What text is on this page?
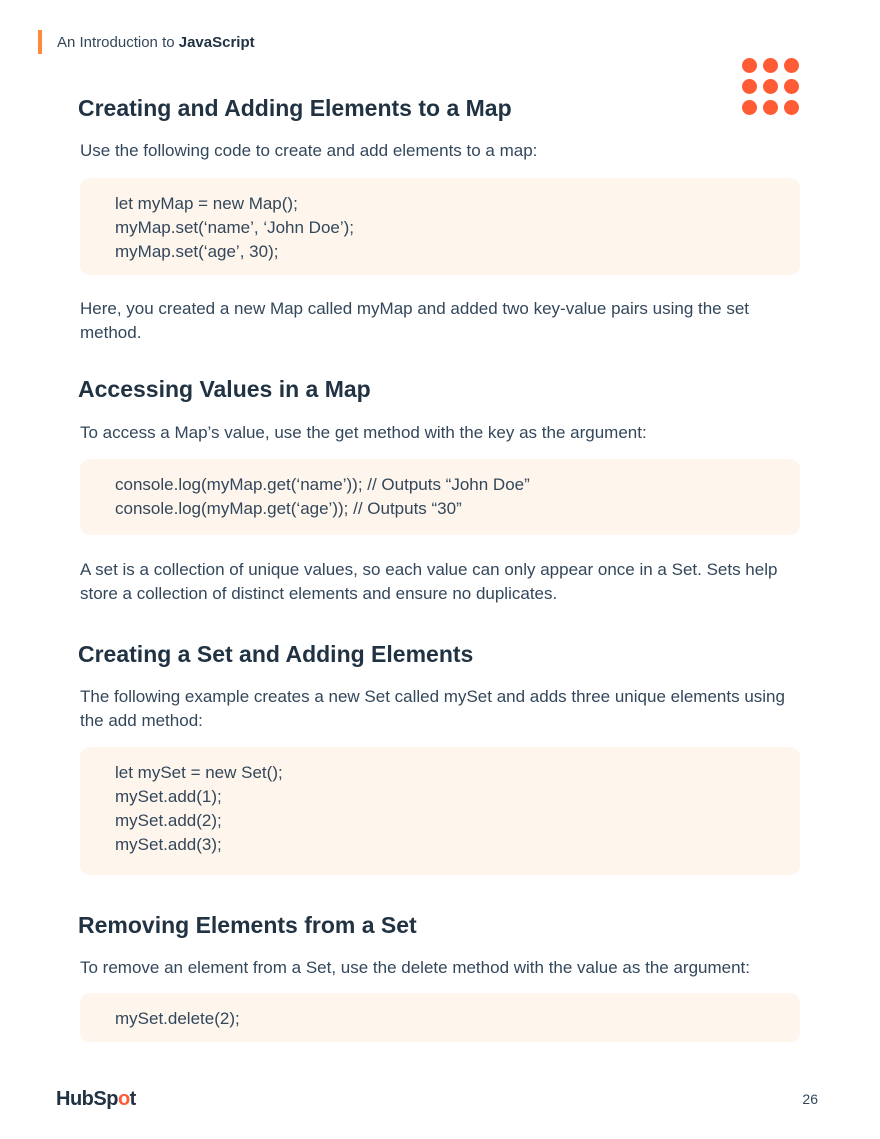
An Introduction to JavaScript
Creating and Adding Elements to a Map

Use the following code to create and add elements to a map:

let myMap = new Map();
myMap.set(‘name’, ‘John Doe’);
myMap.set(‘age’, 30);

Here, you created a new Map called myMap and added two key-value pairs using the set method.

Accessing Values in a Map

To access a Map’s value, use the get method with the key as the argument:

console.log(myMap.get(‘name’)); // Outputs “John Doe”
console.log(myMap.get(‘age’)); // Outputs “30”

A set is a collection of unique values, so each value can only appear once in a Set. Sets help store a collection of distinct elements and ensure no duplicates.

Creating a Set and Adding Elements

The following example creates a new Set called mySet and adds three unique elements using the add method:

let mySet = new Set();
mySet.add(1);
mySet.add(2);
mySet.add(3);
Removing Elements from a Set

To remove an element from a Set, use the delete method with the value as the argument:

mySet.delete(2);
HubSpot	26
